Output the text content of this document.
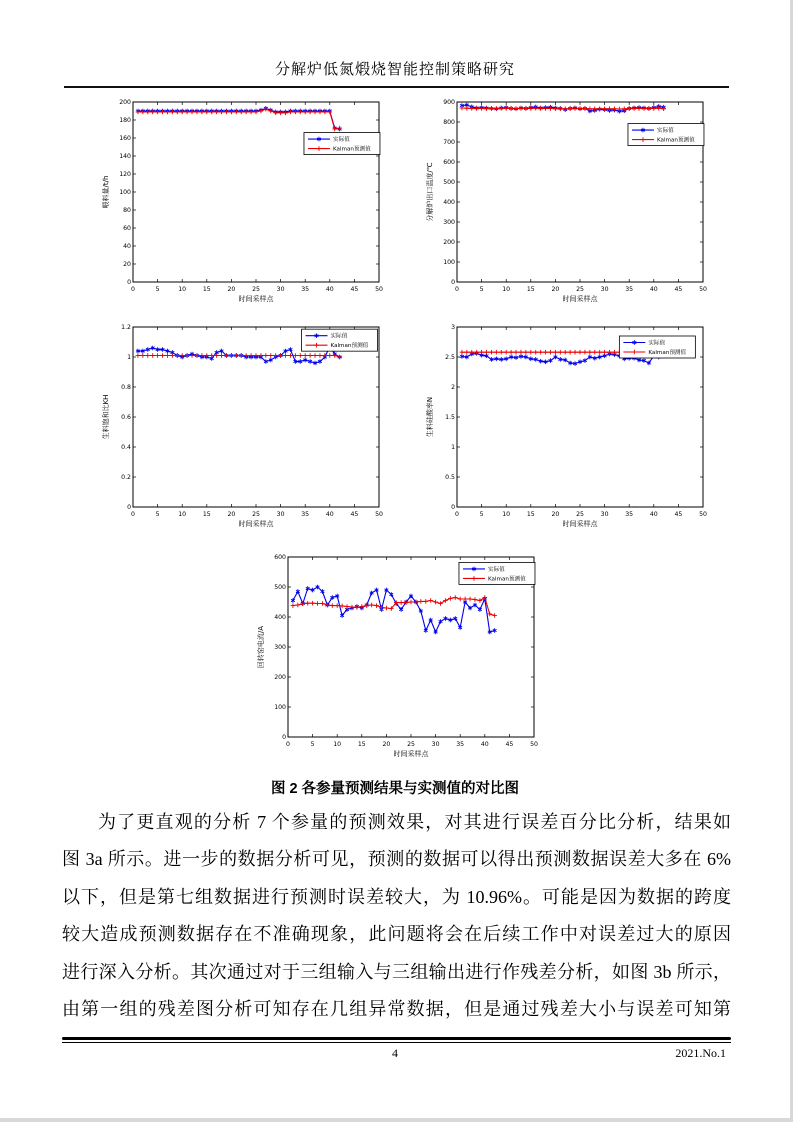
分解炉低氮煅烧智能控制策略研究
0	5	10	15	20	25	30	35	40	45	50
0
20
40
60
80
100
120
140
160
180
200
时间采样点
喂料量/t/h
实际值
Kalman预测值
0	5	10	15	20	25	30	35	40	45	50
0
100
200
300
400
500
600
700
800
900
时间采样点
分解炉出口温度/℃
实际值
Kalman预测值
0	5	10	15	20	25	30	35	40	45	50
0
0.2
0.4
0.6
0.8
1
1.2
时间采样点
生料饱和比KH
实际值
Kalman预测值
0	5	10	15	20	25	30	35	40	45	50
0
0.5
1
1.5
2
2.5
3
时间采样点
生料硅酸率N
实际值
Kalman预测值
0	5	10	15	20	25	30	35	40	45	50
0
100
200
300
400
500
600
时间采样点
回转窑电流/A
实际值
Kalman预测值
图 2 各参量预测结果与实测值的对比图
为了更直观的分析 7 个参量的预测效果，对其进行误差百分比分析，结果如
图 3a 所示。进一步的数据分析可见，预测的数据可以得出预测数据误差大多在 6%
以下，但是第七组数据进行预测时误差较大，为 10.96%。可能是因为数据的跨度
较大造成预测数据存在不准确现象，此问题将会在后续工作中对误差过大的原因
进行深入分析。其次通过对于三组输入与三组输出进行作残差分析，如图 3b 所示，
由第一组的残差图分析可知存在几组异常数据，但是通过残差大小与误差可知第
4	2021.No.1
